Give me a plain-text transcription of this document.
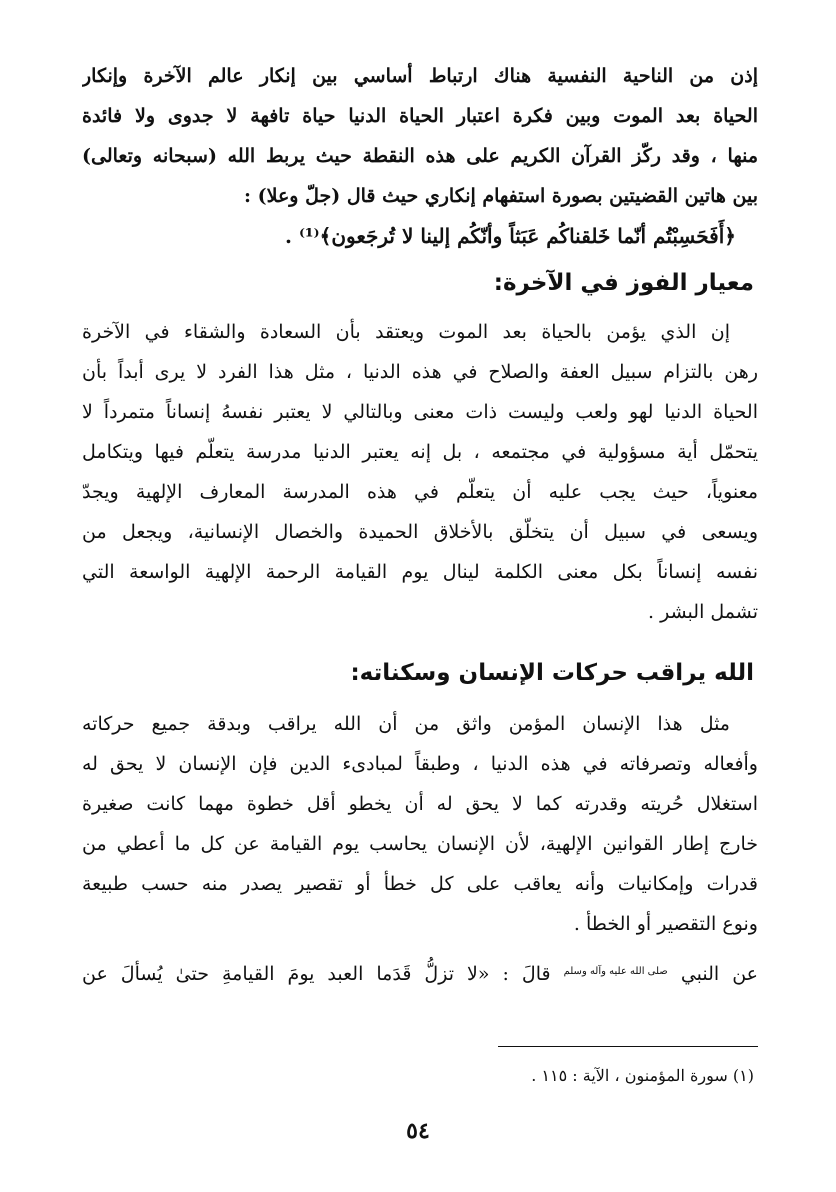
إذن من الناحية النفسية هناك ارتباط أساسي بين إنكار عالم الآخرة وإنكار
الحياة بعد الموت وبين فكرة اعتبار الحياة الدنيا حياة تافهة لا جدوى ولا فائدة
منها ، وقد ركّز القرآن الكريم على هذه النقطة حيث يربط الله (سبحانه وتعالى)
بين هاتين القضيتين بصورة استفهام إنكاري حيث قال (جلّ وعلا) :
﴿أَفَحَسِبْتُم أنّما خَلقناكُم عَبَثاً وأنّكُم إلينا لا تُرجَعون﴾⁽¹⁾ .
معيار الفوز في الآخرة:
إن الذي يؤمن بالحياة بعد الموت ويعتقد بأن السعادة والشقاء في الآخرة
رهن بالتزام سبيل العفة والصلاح في هذه الدنيا ، مثل هذا الفرد لا يرى أبداً بأن
الحياة الدنيا لهو ولعب وليست ذات معنى وبالتالي لا يعتبر نفسهُ إنساناً متمرداً لا
يتحمّل أية مسؤولية في مجتمعه ، بل إنه يعتبر الدنيا مدرسة يتعلّم فيها ويتكامل
معنوياً، حيث يجب عليه أن يتعلّم في هذه المدرسة المعارف الإلهية ويجدّ
ويسعى في سبيل أن يتخلّق بالأخلاق الحميدة والخصال الإنسانية، ويجعل من
نفسه إنساناً بكل معنى الكلمة لينال يوم القيامة الرحمة الإلهية الواسعة التي
تشمل البشر .
الله يراقب حركات الإنسان وسكناته:
مثل هذا الإنسان المؤمن واثق من أن الله يراقب وبدقة جميع حركاته
وأفعاله وتصرفاته في هذه الدنيا ، وطبقاً لمبادىء الدين فإن الإنسان لا يحق له
استغلال حُريته وقدرته كما لا يحق له أن يخطو أقل خطوة مهما كانت صغيرة
خارج إطار القوانين الإلهية، لأن الإنسان يحاسب يوم القيامة عن كل ما أعطي من
قدرات وإمكانيات وأنه يعاقب على كل خطأ أو تقصير يصدر منه حسب طبيعة
ونوع التقصير أو الخطأ .
عن النبي صلى الله عليه وآله وسلم قالَ : «لا تزلُّ قَدَما العبد يومَ القيامةِ حتىٰ يُسألَ عن
(١) سورة المؤمنون ، الآية : ١١٥ .
٥٤
